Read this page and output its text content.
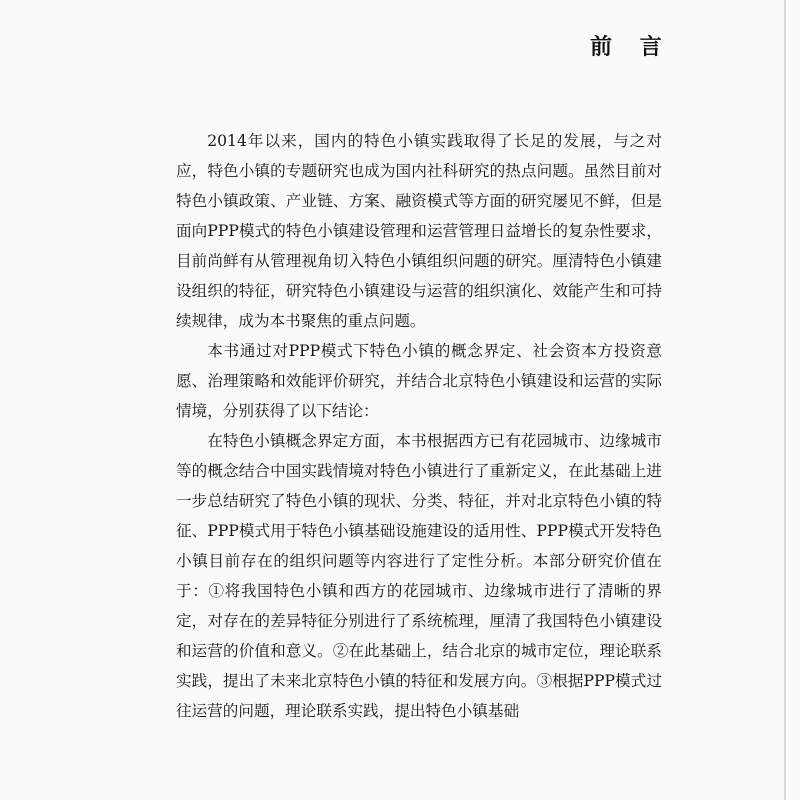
前 言

2014年以来，国内的特色小镇实践取得了长足的发展，与之对应，特色小镇的专题研究也成为国内社科研究的热点问题。虽然目前对特色小镇政策、产业链、方案、融资模式等方面的研究屡见不鲜，但是面向PPP模式的特色小镇建设管理和运营管理日益增长的复杂性要求，目前尚鲜有从管理视角切入特色小镇组织问题的研究。厘清特色小镇建设组织的特征，研究特色小镇建设与运营的组织演化、效能产生和可持续规律，成为本书聚焦的重点问题。

本书通过对PPP模式下特色小镇的概念界定、社会资本方投资意愿、治理策略和效能评价研究，并结合北京特色小镇建设和运营的实际情境，分别获得了以下结论：

在特色小镇概念界定方面，本书根据西方已有花园城市、边缘城市等的概念结合中国实践情境对特色小镇进行了重新定义，在此基础上进一步总结研究了特色小镇的现状、分类、特征，并对北京特色小镇的特征、PPP模式用于特色小镇基础设施建设的适用性、PPP模式开发特色小镇目前存在的组织问题等内容进行了定性分析。本部分研究价值在于：①将我国特色小镇和西方的花园城市、边缘城市进行了清晰的界定，对存在的差异特征分别进行了系统梳理，厘清了我国特色小镇建设和运营的价值和意义。②在此基础上，结合北京的城市定位，理论联系实践，提出了未来北京特色小镇的特征和发展方向。③根据PPP模式过往运营的问题，理论联系实践，提出特色小镇基础
